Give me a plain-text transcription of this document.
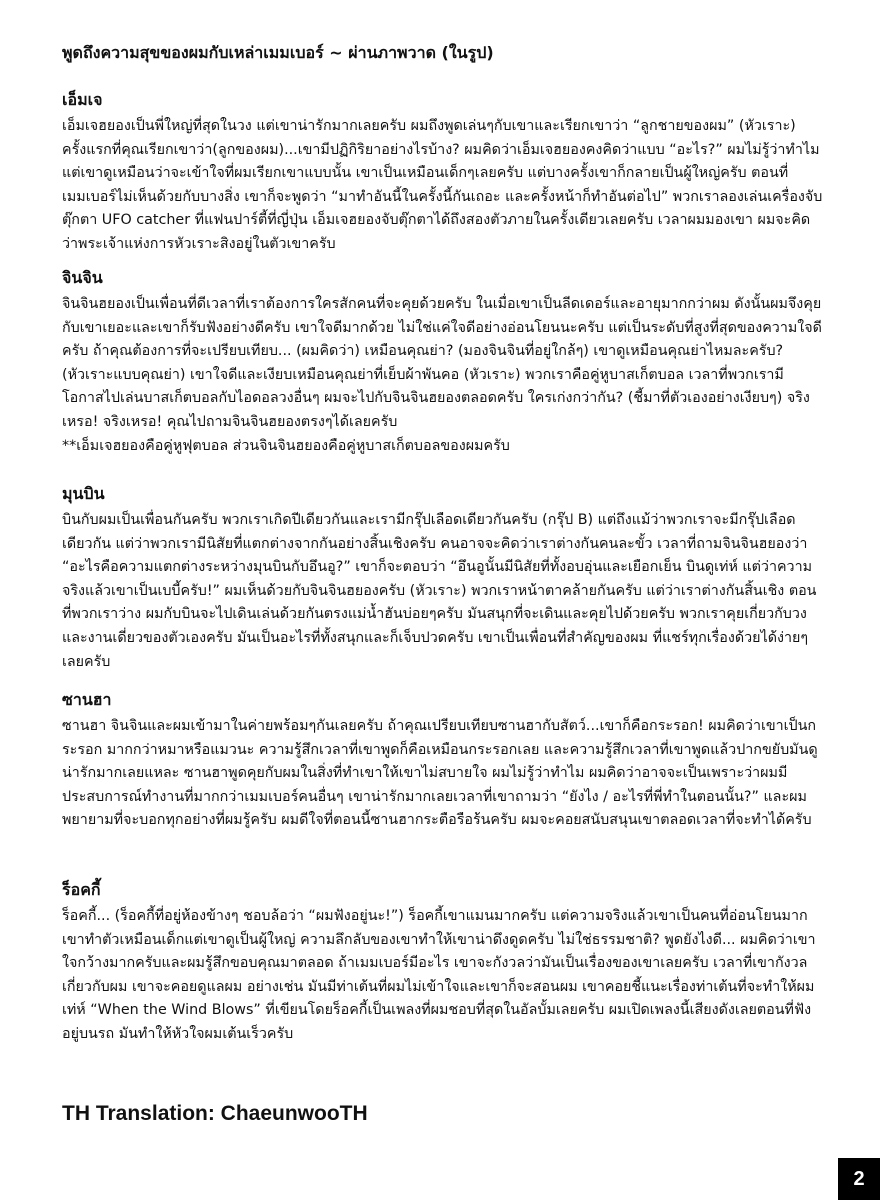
พูดถึงความสุขของผมกับเหล่าเมมเบอร์ ~ ผ่านภาพวาด (ในรูป)
เอ็มเจ

เอ็มเจฮยองเป็นพี่ใหญ่ที่สุดในวง แต่เขาน่ารักมากเลยครับ ผมถึงพูดเล่นๆกับเขาและเรียกเขาว่า “ลูกชายของผม” (หัวเราะ) ครั้งแรกที่คุณเรียกเขาว่า(ลูกของผม)...เขามีปฏิกิริยาอย่างไรบ้าง? ผมคิดว่าเอ็มเจฮยองคงคิดว่าแบบ “อะไร?” ผมไม่รู้ว่าทำไม แต่เขาดูเหมือนว่าจะเข้าใจที่ผมเรียกเขาแบบนั้น เขาเป็นเหมือนเด็กๆเลยครับ แต่บางครั้งเขาก็กลายเป็นผู้ใหญ่ครับ ตอนที่เมมเบอร์ไม่เห็นด้วยกับบางสิ่ง เขาก็จะพูดว่า “มาทำอันนี้ในครั้งนี้กันเถอะ และครั้งหน้าก็ทำอันต่อไป” พวกเราลองเล่นเครื่องจับตุ๊กตา UFO catcher ที่แฟนปาร์ตี้ที่ญี่ปุ่น เอ็มเจฮยองจับตุ๊กตาได้ถึงสองตัวภายในครั้งเดียวเลยครับ เวลาผมมองเขา ผมจะคิดว่าพระเจ้าแห่งการหัวเราะสิงอยู่ในตัวเขาครับ

จินจิน

จินจินฮยองเป็นเพื่อนที่ดีเวลาที่เราต้องการใครสักคนที่จะคุยด้วยครับ ในเมื่อเขาเป็นลีดเดอร์และอายุมากกว่าผม ดังนั้นผมจึงคุยกับเขาเยอะและเขาก็รับฟังอย่างดีครับ เขาใจดีมากด้วย ไม่ใช่แค่ใจดีอย่างอ่อนโยนนะครับ แต่เป็นระดับที่สูงที่สุดของความใจดีครับ ถ้าคุณต้องการที่จะเปรียบเทียบ... (ผมคิดว่า) เหมือนคุณย่า? (มองจินจินที่อยู่ใกล้ๆ) เขาดูเหมือนคุณย่าไหมละครับ? (หัวเราะแบบคุณย่า) เขาใจดีและเงียบเหมือนคุณย่าที่เย็บผ้าพันคอ (หัวเราะ) พวกเราคือคู่หูบาสเก็ตบอล เวลาที่พวกเรามีโอกาสไปเล่นบาสเก็ตบอลกับไอดอลวงอื่นๆ ผมจะไปกับจินจินฮยองตลอดครับ ใครเก่งกว่ากัน? (ชี้มาที่ตัวเองอย่างเงียบๆ) จริงเหรอ! จริงเหรอ! คุณไปถามจินจินฮยองตรงๆได้เลยครับ

**เอ็มเจฮยองคือคู่หูฟุตบอล ส่วนจินจินฮยองคือคู่หูบาสเก็ตบอลของผมครับ

มุนบิน

บินกับผมเป็นเพื่อนกันครับ พวกเราเกิดปีเดียวกันและเรามีกรุ๊ปเลือดเดียวกันครับ (กรุ๊ป B) แต่ถึงแม้ว่าพวกเราจะมีกรุ๊ปเลือดเดียวกัน แต่ว่าพวกเรามีนิสัยที่แตกต่างจากกันอย่างสิ้นเชิงครับ คนอาจจะคิดว่าเราต่างกันคนละขั้ว เวลาที่ถามจินจินฮยองว่า “อะไรคือความแตกต่างระหว่างมุนบินกับอึนอู?” เขาก็จะตอบว่า “อึนอูนั้นมีนิสัยที่ทั้งอบอุ่นและเยือกเย็น บินดูเท่ห์ แต่ว่าความจริงแล้วเขาเป็นเบบี้ครับ!” ผมเห็นด้วยกับจินจินฮยองครับ (หัวเราะ) พวกเราหน้าตาคล้ายกันครับ แต่ว่าเราต่างกันสิ้นเชิง ตอนที่พวกเราว่าง ผมกับบินจะไปเดินเล่นด้วยกันตรงแม่น้ำฮันบ่อยๆครับ มันสนุกที่จะเดินและคุยไปด้วยครับ พวกเราคุยเกี่ยวกับวงและงานเดี่ยวของตัวเองครับ มันเป็นอะไรที่ทั้งสนุกและก็เจ็บปวดครับ เขาเป็นเพื่อนที่สำคัญของผม ที่แชร์ทุกเรื่องด้วยได้ง่ายๆเลยครับ

ซานฮา

ซานฮา จินจินและผมเข้ามาในค่ายพร้อมๆกันเลยครับ ถ้าคุณเปรียบเทียบซานฮากับสัตว์...เขาก็คือกระรอก! ผมคิดว่าเขาเป็นกระรอก มากกว่าหมาหรือแมวนะ ความรู้สึกเวลาที่เขาพูดก็คือเหมือนกระรอกเลย และความรู้สึกเวลาที่เขาพูดแล้วปากขยับมันดูน่ารักมากเลยแหละ ซานฮาพูดคุยกับผมในสิ่งที่ทำเขาให้เขาไม่สบายใจ ผมไม่รู้ว่าทำไม ผมคิดว่าอาจจะเป็นเพราะว่าผมมีประสบการณ์ทำงานที่มากกว่าเมมเบอร์คนอื่นๆ เขาน่ารักมากเลยเวลาที่เขาถามว่า “ยังไง / อะไรที่พี่ทำในตอนนั้น?” และผมพยายามที่จะบอกทุกอย่างที่ผมรู้ครับ ผมดีใจที่ตอนนี้ซานฮากระตือรือร้นครับ ผมจะคอยสนับสนุนเขาตลอดเวลาที่จะทำได้ครับ

ร็อคกี้

ร็อคกี้... (ร็อคกี้ที่อยู่ห้องข้างๆ ชอบล้อว่า “ผมฟังอยู่นะ!”) ร็อคกี้เขาแมนมากครับ แต่ความจริงแล้วเขาเป็นคนที่อ่อนโยนมาก เขาทำตัวเหมือนเด็กแต่เขาดูเป็นผู้ใหญ่ ความลึกลับของเขาทำให้เขาน่าดึงดูดครับ ไม่ใช่ธรรมชาติ? พูดยังไงดี... ผมคิดว่าเขาใจกว้างมากครับและผมรู้สึกขอบคุณมาตลอด ถ้าเมมเบอร์มีอะไร เขาจะกังวลว่ามันเป็นเรื่องของเขาเลยครับ เวลาที่เขากังวลเกี่ยวกับผม เขาจะคอยดูแลผม อย่างเช่น มันมีท่าเต้นที่ผมไม่เข้าใจและเขาก็จะสอนผม เขาคอยชี้แนะเรื่องท่าเต้นที่จะทำให้ผมเท่ห์ “When the Wind Blows” ที่เขียนโดยร็อคกี้เป็นเพลงที่ผมชอบที่สุดในอัลบั้มเลยครับ ผมเปิดเพลงนี้เสียงดังเลยตอนที่ฟังอยู่บนรถ มันทำให้หัวใจผมเต้นเร็วครับ

TH Translation: ChaeunwooTH

2
